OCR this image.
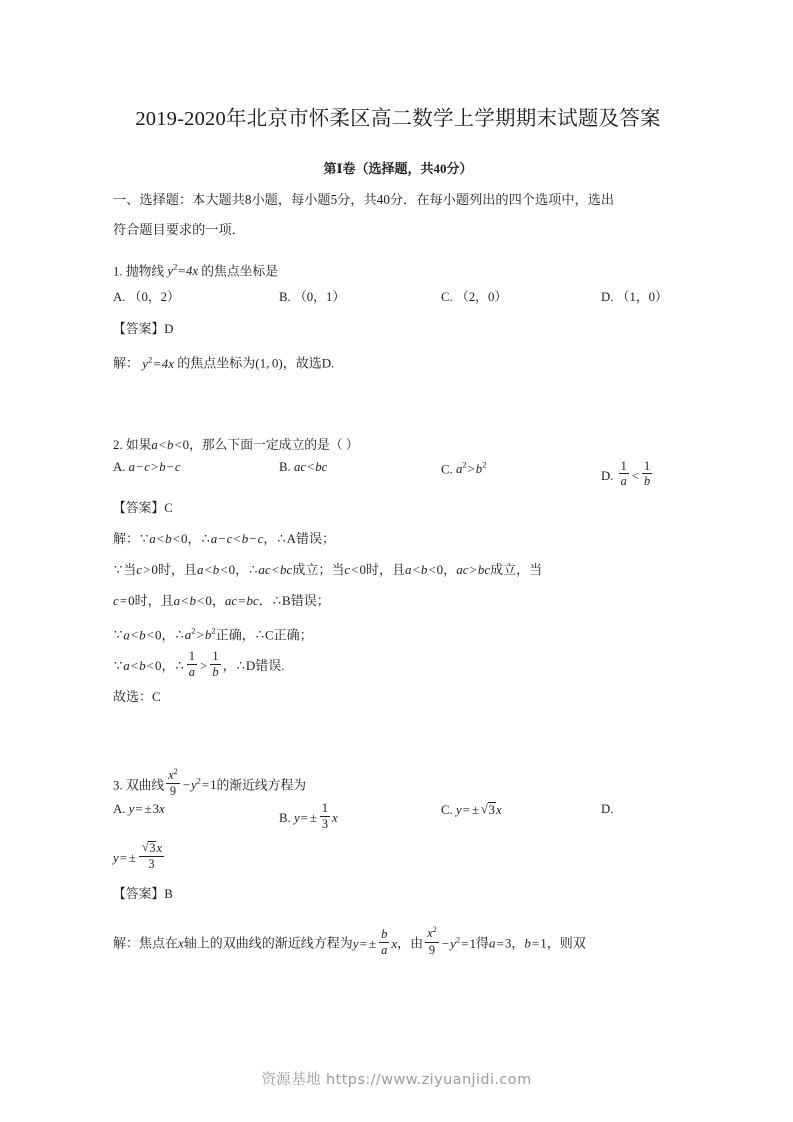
2019-2020年北京市怀柔区高二数学上学期期末试题及答案
第Ⅰ卷（选择题，共40分）
一、选择题：本大题共8小题，每小题5分，共40分．在每小题列出的四个选项中，选出
符合题目要求的一项．
1. 抛物线 $y^2=4x$ 的焦点坐标是
A. （0，2）	B. （0，1）	C. （2，0）	D. （1，0）
【答案】D
解： $y^2=4x$ 的焦点坐标为(1, 0)，故选D.
2. 如果a<b<0，那么下面一定成立的是（ ）
A. a−c>b−c	B. ac<bc	C. $a^2>b^2$
D. $\frac{1}{a} < \frac{1}{b}$
【答案】C
解：∵a<b<0，∴a−c<b−c，∴A错误；
∵当c>0时，且a<b<0，∴ac<bc成立；当c<0时，且a<b<0，ac>bc成立，当
c=0时，且a<b<0，ac=bc．∴B错误；
∵a<b<0，$\therefore a^2>b^2$正确，∴C正确；
∵a<b<0，∴ $\frac{1}{a} > \frac{1}{b}$ ，∴D错误.
故选：C
3. 双曲线 $\frac{x^2}{9} -y^2=1$的渐近线方程为
A. y= ±3x
B. $y= \pm \frac{1}{3}$ x
C. y= ± √ 3x	D.
y= ± √ $\frac{3x}{3}$
【答案】B
解：焦点在x轴上的双曲线的渐近线方程为$y= \pm \frac{b}{a}$ x，由 $\frac{x^2}{9} -y^2=1$得a=3，b=1，则双
资源基地 https://www.ziyuanjidi.com
